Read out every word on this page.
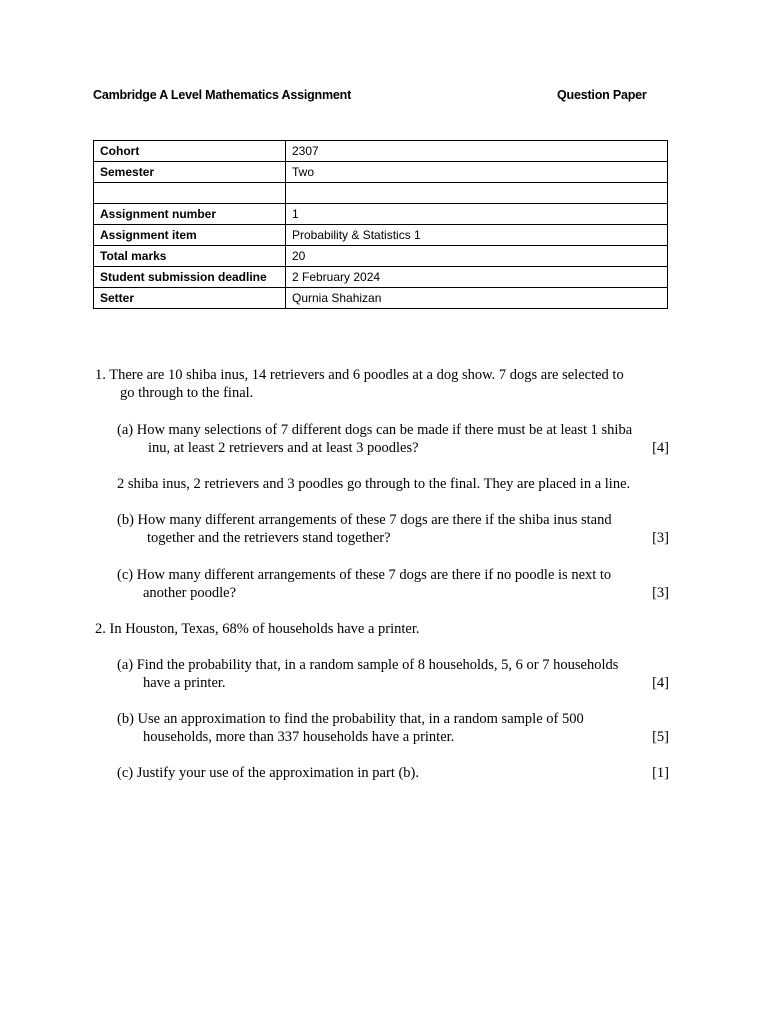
Cambridge A Level Mathematics Assignment	Question Paper
Cohort	2307
Semester	Two

Assignment number	1
Assignment item	Probability & Statistics 1
Total marks	20
Student submission deadline	2 February 2024
Setter	Qurnia Shahizan
1. There are 10 shiba inus, 14 retrievers and 6 poodles at a dog show. 7 dogs are selected to
go through to the final.
(a) How many selections of 7 different dogs can be made if there must be at least 1 shiba
inu, at least 2 retrievers and at least 3 poodles?	[4]
2 shiba inus, 2 retrievers and 3 poodles go through to the final. They are placed in a line.
(b) How many different arrangements of these 7 dogs are there if the shiba inus stand
together and the retrievers stand together?	[3]
(c) How many different arrangements of these 7 dogs are there if no poodle is next to
another poodle?	[3]
2. In Houston, Texas, 68% of households have a printer.
(a) Find the probability that, in a random sample of 8 households, 5, 6 or 7 households
have a printer.	[4]
(b) Use an approximation to find the probability that, in a random sample of 500
households, more than 337 households have a printer.	[5]
(c) Justify your use of the approximation in part (b).	[1]
